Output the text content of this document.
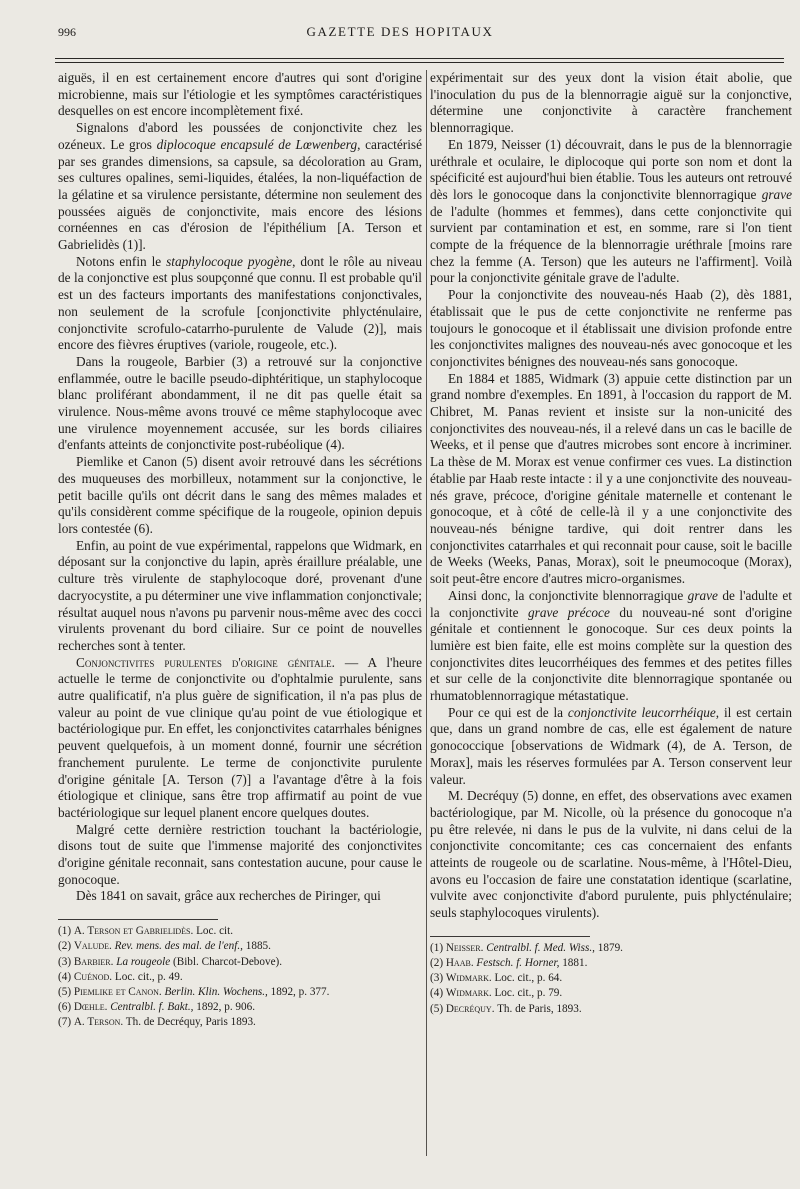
996	GAZETTE DES HOPITAUX

aiguës, il en est certainement encore d'autres qui sont d'origine microbienne, mais sur l'étiologie et les symptômes caractéristiques desquelles on est encore incomplètement fixé.

Signalons d'abord les poussées de conjonctivite chez les ozéneux. Le gros diplocoque encapsulé de Lœwenberg, caractérisé par ses grandes dimensions, sa capsule, sa décoloration au Gram, ses cultures opalines, semi-liquides, étalées, la non-liquéfaction de la gélatine et sa virulence persistante, détermine non seulement des poussées aiguës de conjonctivite, mais encore des lésions cornéennes en cas d'érosion de l'épithélium [A. Terson et Gabrielidès (1)].

Notons enfin le staphylocoque pyogène, dont le rôle au niveau de la conjonctive est plus soupçonné que connu. Il est probable qu'il est un des facteurs importants des manifestations conjonctivales, non seulement de la scrofule [conjonctivite phlycténulaire, conjonctivite scrofulo-catarrho-purulente de Valude (2)], mais encore des fièvres éruptives (variole, rougeole, etc.).

Dans la rougeole, Barbier (3) a retrouvé sur la conjonctive enflammée, outre le bacille pseudo-diphtéritique, un staphylocoque blanc proliférant abondamment, il ne dit pas quelle était sa virulence. Nous-même avons trouvé ce même staphylocoque avec une virulence moyennement accusée, sur les bords ciliaires d'enfants atteints de conjonctivite post-rubéolique (4).

Piemlike et Canon (5) disent avoir retrouvé dans les sécrétions des muqueuses des morbilleux, notamment sur la conjonctive, le petit bacille qu'ils ont décrit dans le sang des mêmes malades et qu'ils considèrent comme spécifique de la rougeole, opinion depuis lors contestée (6).

Enfin, au point de vue expérimental, rappelons que Widmark, en déposant sur la conjonctive du lapin, après éraillure préalable, une culture très virulente de staphylocoque doré, provenant d'une dacryocystite, a pu déterminer une vive inflammation conjonctivale; résultat auquel nous n'avons pu parvenir nous-même avec des cocci virulents provenant du bord ciliaire. Sur ce point de nouvelles recherches sont à tenter.

Conjonctivites purulentes d'origine génitale. — A l'heure actuelle le terme de conjonctivite ou d'ophtalmie purulente, sans autre qualificatif, n'a plus guère de signification, il n'a pas plus de valeur au point de vue clinique qu'au point de vue étiologique et bactériologique pur. En effet, les conjonctivites catarrhales bénignes peuvent quelquefois, à un moment donné, fournir une sécrétion franchement purulente. Le terme de conjonctivite purulente d'origine génitale [A. Terson (7)] a l'avantage d'être à la fois étiologique et clinique, sans être trop affirmatif au point de vue bactériologique sur lequel planent encore quelques doutes.

Malgré cette dernière restriction touchant la bactériologie, disons tout de suite que l'immense majorité des conjonctivites d'origine génitale reconnait, sans contestation aucune, pour cause le gonocoque.

Dès 1841 on savait, grâce aux recherches de Piringer, qui

(1) A. Terson et Gabrielidès. Loc. cit.

(2) Valude. Rev. mens. des mal. de l'enf., 1885.

(3) Barbier. La rougeole (Bibl. Charcot-Debove).

(4) Cuénod. Loc. cit., p. 49.

(5) Piemlike et Canon. Berlin. Klin. Wochens., 1892, p. 377.

(6) Dœhle. Centralbl. f. Bakt., 1892, p. 906.

(7) A. Terson. Th. de Decréquy, Paris 1893.

expérimentait sur des yeux dont la vision était abolie, que l'inoculation du pus de la blennorragie aiguë sur la conjonctive, détermine une conjonctivite à caractère franchement blennorragique.

En 1879, Neisser (1) découvrait, dans le pus de la blennorragie uréthrale et oculaire, le diplocoque qui porte son nom et dont la spécificité est aujourd'hui bien établie. Tous les auteurs ont retrouvé dès lors le gonocoque dans la conjonctivite blennorragique grave de l'adulte (hommes et femmes), dans cette conjonctivite qui survient par contamination et est, en somme, rare si l'on tient compte de la fréquence de la blennorragie uréthrale [moins rare chez la femme (A. Terson) que les auteurs ne l'affirment]. Voilà pour la conjonctivite génitale grave de l'adulte.

Pour la conjonctivite des nouveau-nés Haab (2), dès 1881, établissait que le pus de cette conjonctivite ne renferme pas toujours le gonocoque et il établissait une division profonde entre les conjonctivites malignes des nouveau-nés avec gonocoque et les conjonctivites bénignes des nouveau-nés sans gonocoque.

En 1884 et 1885, Widmark (3) appuie cette distinction par un grand nombre d'exemples. En 1891, à l'occasion du rapport de M. Chibret, M. Panas revient et insiste sur la non-unicité des conjonctivites des nouveau-nés, il a relevé dans un cas le bacille de Weeks, et il pense que d'autres microbes sont encore à incriminer. La thèse de M. Morax est venue confirmer ces vues. La distinction établie par Haab reste intacte : il y a une conjonctivite des nouveau-nés grave, précoce, d'origine génitale maternelle et contenant le gonocoque, et à côté de celle-là il y a une conjonctivite des nouveau-nés bénigne tardive, qui doit rentrer dans les conjonctivites catarrhales et qui reconnait pour cause, soit le bacille de Weeks (Weeks, Panas, Morax), soit le pneumocoque (Morax), soit peut-être encore d'autres micro-organismes.

Ainsi donc, la conjonctivite blennorragique grave de l'adulte et la conjonctivite grave précoce du nouveau-né sont d'origine génitale et contiennent le gonocoque. Sur ces deux points la lumière est bien faite, elle est moins complète sur la question des conjonctivites dites leucorrhéiques des femmes et des petites filles et sur celle de la conjonctivite dite blennorragique spontanée ou rhumatoblennorragique métastatique.

Pour ce qui est de la conjonctivite leucorrhéique, il est certain que, dans un grand nombre de cas, elle est également de nature gonococcique [observations de Widmark (4), de A. Terson, de Morax], mais les réserves formulées par A. Terson conservent leur valeur.

M. Decréquy (5) donne, en effet, des observations avec examen bactériologique, par M. Nicolle, où la présence du gonocoque n'a pu être relevée, ni dans le pus de la vulvite, ni dans celui de la conjonctivite concomitante; ces cas concernaient des enfants atteints de rougeole ou de scarlatine. Nous-même, à l'Hôtel-Dieu, avons eu l'occasion de faire une constatation identique (scarlatine, vulvite avec conjonctivite d'abord purulente, puis phlycténulaire; seuls staphylocoques virulents).

(1) Neisser. Centralbl. f. Med. Wiss., 1879.

(2) Haab. Festsch. f. Horner, 1881.

(3) Widmark. Loc. cit., p. 64.

(4) Widmark. Loc. cit., p. 79.

(5) Decréquy. Th. de Paris, 1893.
